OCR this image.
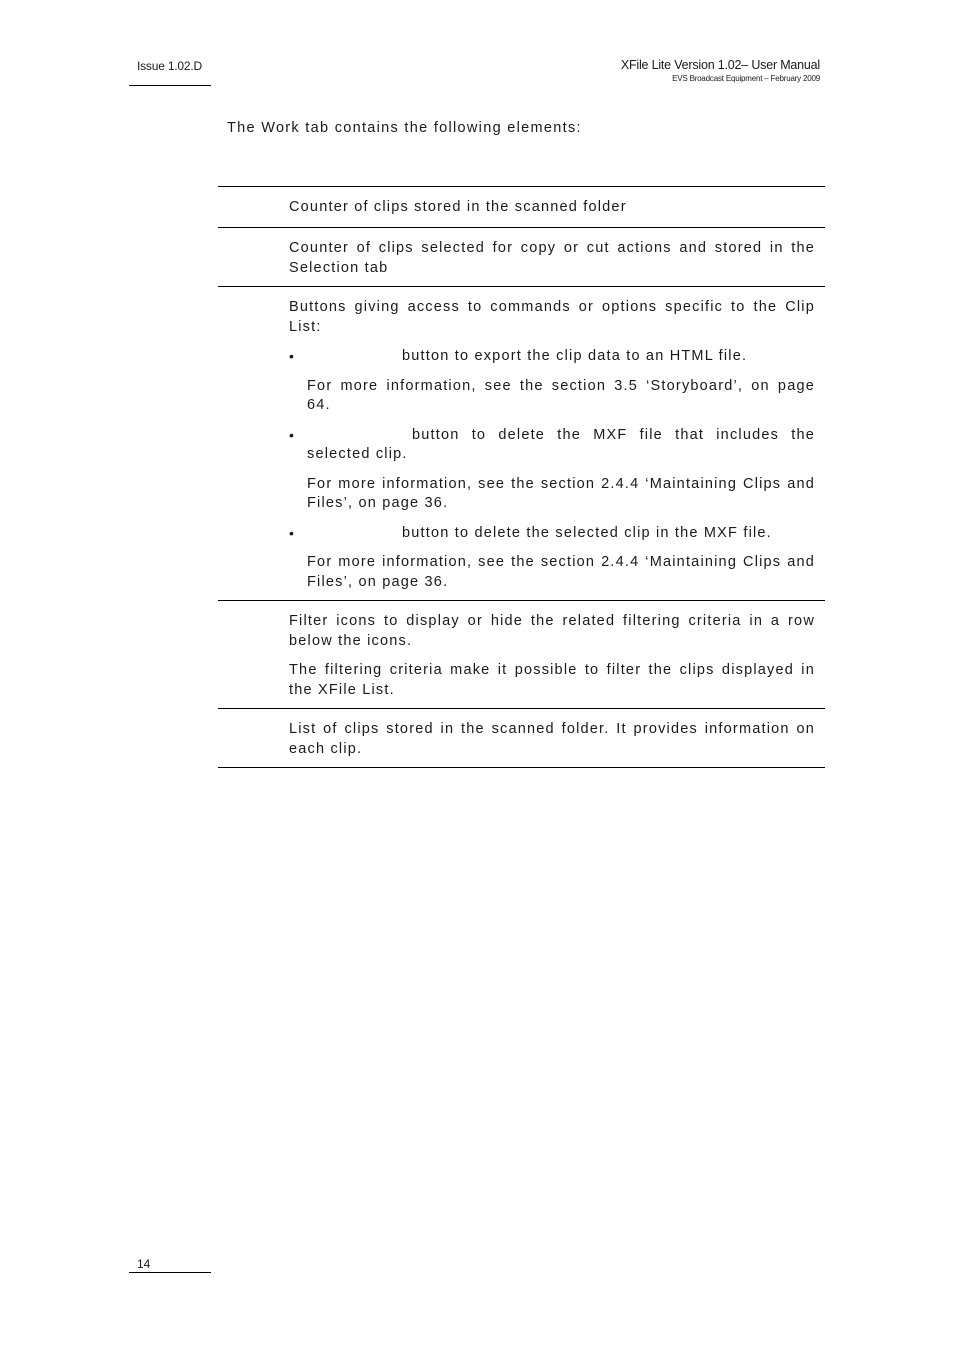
Issue 1.02.D	XFile Lite Version 1.02– User Manual
EVS Broadcast Equipment – February 2009
The Work tab contains the following elements:

Counter of clips stored in the scanned folder

Counter of clips selected for copy or cut actions and stored in the Selection tab

Buttons giving access to commands or options specific to the Clip List:

•	button to export the clip data to an HTML file.

For more information, see the section 3.5 ‘Storyboard’, on page 64.

•	button to delete the MXF file that includes the selected clip.

For more information, see the section 2.4.4 ‘Maintaining Clips and Files’, on page 36.

•	button to delete the selected clip in the MXF file.

For more information, see the section 2.4.4 ‘Maintaining Clips and Files’, on page 36.

Filter icons to display or hide the related filtering criteria in a row below the icons.

The filtering criteria make it possible to filter the clips displayed in the XFile List.

List of clips stored in the scanned folder. It provides information on each clip.

14
